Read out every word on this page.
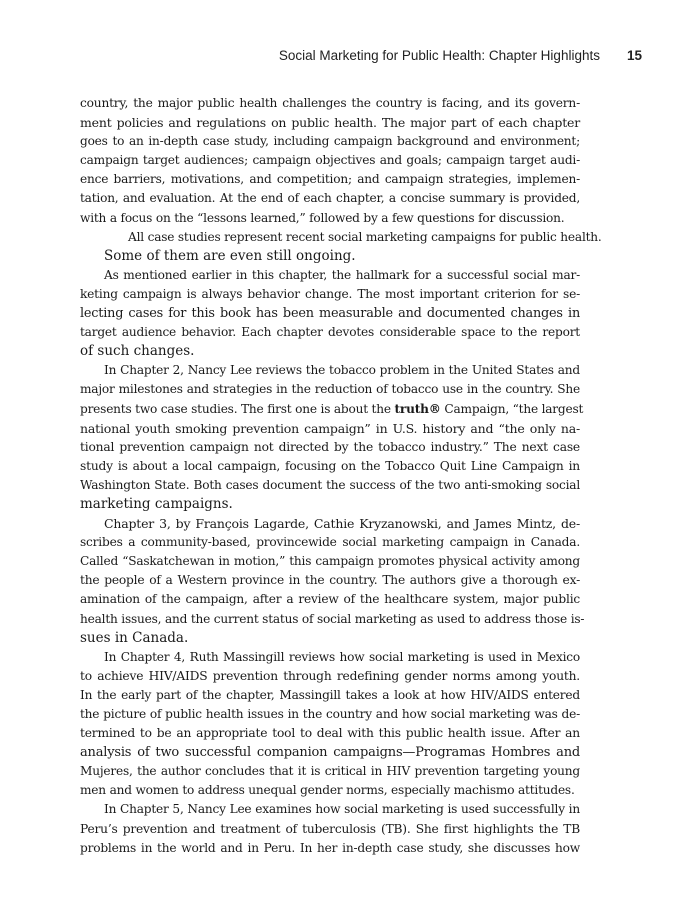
Social Marketing for Public Health: Chapter Highlights 15

country, the major public health challenges the country is facing, and its govern-
ment policies and regulations on public health. The major part of each chapter
goes to an in-depth case study, including campaign background and environment;
campaign target audiences; campaign objectives and goals; campaign target audi-
ence barriers, motivations, and competition; and campaign strategies, implemen-
tation, and evaluation. At the end of each chapter, a concise summary is provided,
with a focus on the “lessons learned,” followed by a few questions for discussion.

All case studies represent recent social marketing campaigns for public health.
Some of them are even still ongoing.

As mentioned earlier in this chapter, the hallmark for a successful social mar-
keting campaign is always behavior change. The most important criterion for se-
lecting cases for this book has been measurable and documented changes in
target audience behavior. Each chapter devotes considerable space to the report
of such changes.

In Chapter 2, Nancy Lee reviews the tobacco problem in the United States and
major milestones and strategies in the reduction of tobacco use in the country. She
presents two case studies. The first one is about the truth® Campaign, “the largest
national youth smoking prevention campaign” in U.S. history and “the only na-
tional prevention campaign not directed by the tobacco industry.” The next case
study is about a local campaign, focusing on the Tobacco Quit Line Campaign in
Washington State. Both cases document the success of the two anti-smoking social
marketing campaigns.

Chapter 3, by François Lagarde, Cathie Kryzanowski, and James Mintz, de-
scribes a community-based, provincewide social marketing campaign in Canada.
Called “Saskatchewan in motion,” this campaign promotes physical activity among
the people of a Western province in the country. The authors give a thorough ex-
amination of the campaign, after a review of the healthcare system, major public
health issues, and the current status of social marketing as used to address those is-
sues in Canada.

In Chapter 4, Ruth Massingill reviews how social marketing is used in Mexico
to achieve HIV/AIDS prevention through redefining gender norms among youth.
In the early part of the chapter, Massingill takes a look at how HIV/AIDS entered
the picture of public health issues in the country and how social marketing was de-
termined to be an appropriate tool to deal with this public health issue. After an
analysis of two successful companion campaigns—Programas Hombres and
Mujeres, the author concludes that it is critical in HIV prevention targeting young
men and women to address unequal gender norms, especially machismo attitudes.

In Chapter 5, Nancy Lee examines how social marketing is used successfully in
Peru’s prevention and treatment of tuberculosis (TB). She first highlights the TB
problems in the world and in Peru. In her in-depth case study, she discusses how
